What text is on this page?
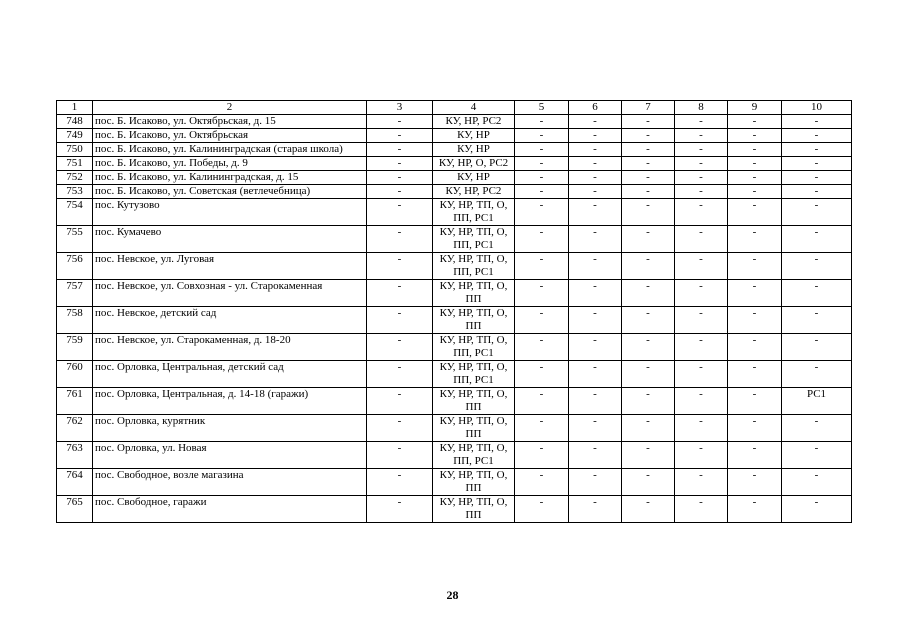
1	2	3	4	5	6	7	8	9	10
748	пос. Б. Исаково, ул. Октябрьская, д. 15	-	КУ, НР, РС2	-	-	-	-	-	-
749	пос. Б. Исаково, ул. Октябрьская	-	КУ, НР	-	-	-	-	-	-
750	пос. Б. Исаково, ул. Калининградская (старая школа)	-	КУ, НР	-	-	-	-	-	-
751	пос. Б. Исаково, ул. Победы, д. 9	-	КУ, НР, О, РС2	-	-	-	-	-	-
752	пос. Б. Исаково, ул. Калининградская, д. 15	-	КУ, НР	-	-	-	-	-	-
753	пос. Б. Исаково, ул. Советская (ветлечебница)	-	КУ, НР, РС2	-	-	-	-	-	-
754	пос. Кутузово	-	КУ, НР, ТП, О, ПП, РС1	-	-	-	-	-	-
755	пос. Кумачево	-	КУ, НР, ТП, О, ПП, РС1	-	-	-	-	-	-
756	пос. Невское, ул. Луговая	-	КУ, НР, ТП, О, ПП, РС1	-	-	-	-	-	-
757	пос. Невское, ул. Совхозная - ул. Старокаменная	-	КУ, НР, ТП, О, ПП	-	-	-	-	-	-
758	пос. Невское, детский сад	-	КУ, НР, ТП, О, ПП	-	-	-	-	-	-
759	пос. Невское, ул. Старокаменная, д. 18-20	-	КУ, НР, ТП, О, ПП, РС1	-	-	-	-	-	-
760	пос. Орловка, Центральная, детский сад	-	КУ, НР, ТП, О, ПП, РС1	-	-	-	-	-	-
761	пос. Орловка, Центральная, д. 14-18 (гаражи)	-	КУ, НР, ТП, О, ПП	-	-	-	-	-	РС1
762	пос. Орловка, курятник	-	КУ, НР, ТП, О, ПП	-	-	-	-	-	-
763	пос. Орловка, ул. Новая	-	КУ, НР, ТП, О, ПП, РС1	-	-	-	-	-	-
764	пос. Свободное, возле магазина	-	КУ, НР, ТП, О, ПП	-	-	-	-	-	-
765	пос. Свободное, гаражи	-	КУ, НР, ТП, О, ПП	-	-	-	-	-	-
28
